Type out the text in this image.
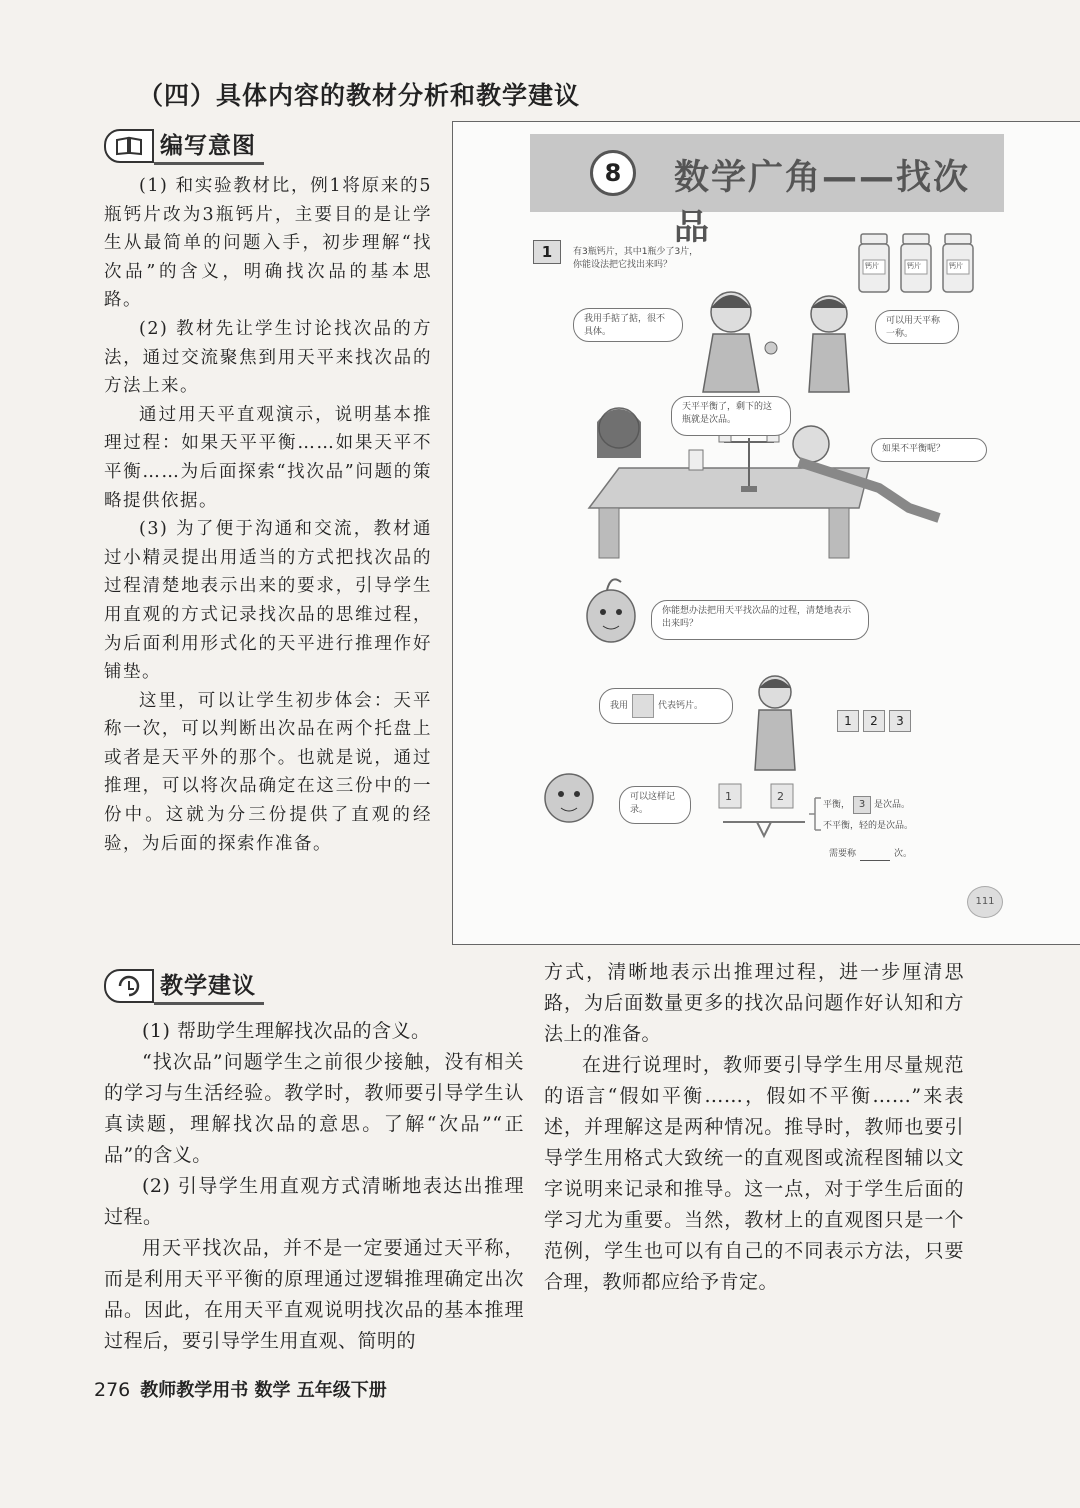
（四）具体内容的教材分析和教学建议
编写意图

(1) 和实验教材比，例1将原来的5瓶钙片改为3瓶钙片，主要目的是让学生从最简单的问题入手，初步理解“找次品”的含义，明确找次品的基本思路。

(2) 教材先让学生讨论找次品的方法，通过交流聚焦到用天平来找次品的方法上来。

通过用天平直观演示，说明基本推理过程：如果天平平衡……如果天平不平衡……为后面探索“找次品”问题的策略提供依据。

(3) 为了便于沟通和交流，教材通过小精灵提出用适当的方式把找次品的过程清楚地表示出来的要求，引导学生用直观的方式记录找次品的思维过程，为后面利用形式化的天平进行推理作好铺垫。

这里，可以让学生初步体会：天平称一次，可以判断出次品在两个托盘上或者是天平外的那个。也就是说，通过推理，可以将次品确定在这三份中的一份中。这就为分三份提供了直观的经验，为后面的探索作准备。

8	数学广角——找次品
1	有3瓶钙片，其中1瓶少了3片，
你能设法把它找出来吗？	钙片	钙片	钙片
我用手掂了掂，很不具体。
可以用天平称一称。
天平平衡了，剩下的这瓶就是次品。
如果不平衡呢？
你能想办法把用天平找次品的过程，清楚地表示出来吗？
我用	代表钙片。
1	2	3
可以这样记录。
1	2
平衡， 3 是次品。
不平衡，轻的是次品。
需要称	次。
111
教学建议

(1) 帮助学生理解找次品的含义。

“找次品”问题学生之前很少接触，没有相关的学习与生活经验。教学时，教师要引导学生认真读题，理解找次品的意思。了解“次品”“正品”的含义。

(2) 引导学生用直观方式清晰地表达出推理过程。

用天平找次品，并不是一定要通过天平称，而是利用天平平衡的原理通过逻辑推理确定出次品。因此，在用天平直观说明找次品的基本推理过程后，要引导学生用直观、简明的

方式，清晰地表示出推理过程，进一步厘清思路，为后面数量更多的找次品问题作好认知和方法上的准备。

在进行说理时，教师要引导学生用尽量规范的语言“假如平衡……，假如不平衡……”来表述，并理解这是两种情况。推导时，教师也要引导学生用格式大致统一的直观图或流程图辅以文字说明来记录和推导。这一点，对于学生后面的学习尤为重要。当然，教材上的直观图只是一个范例，学生也可以有自己的不同表示方法，只要合理，教师都应给予肯定。

276 教师教学用书 数学 五年级下册
